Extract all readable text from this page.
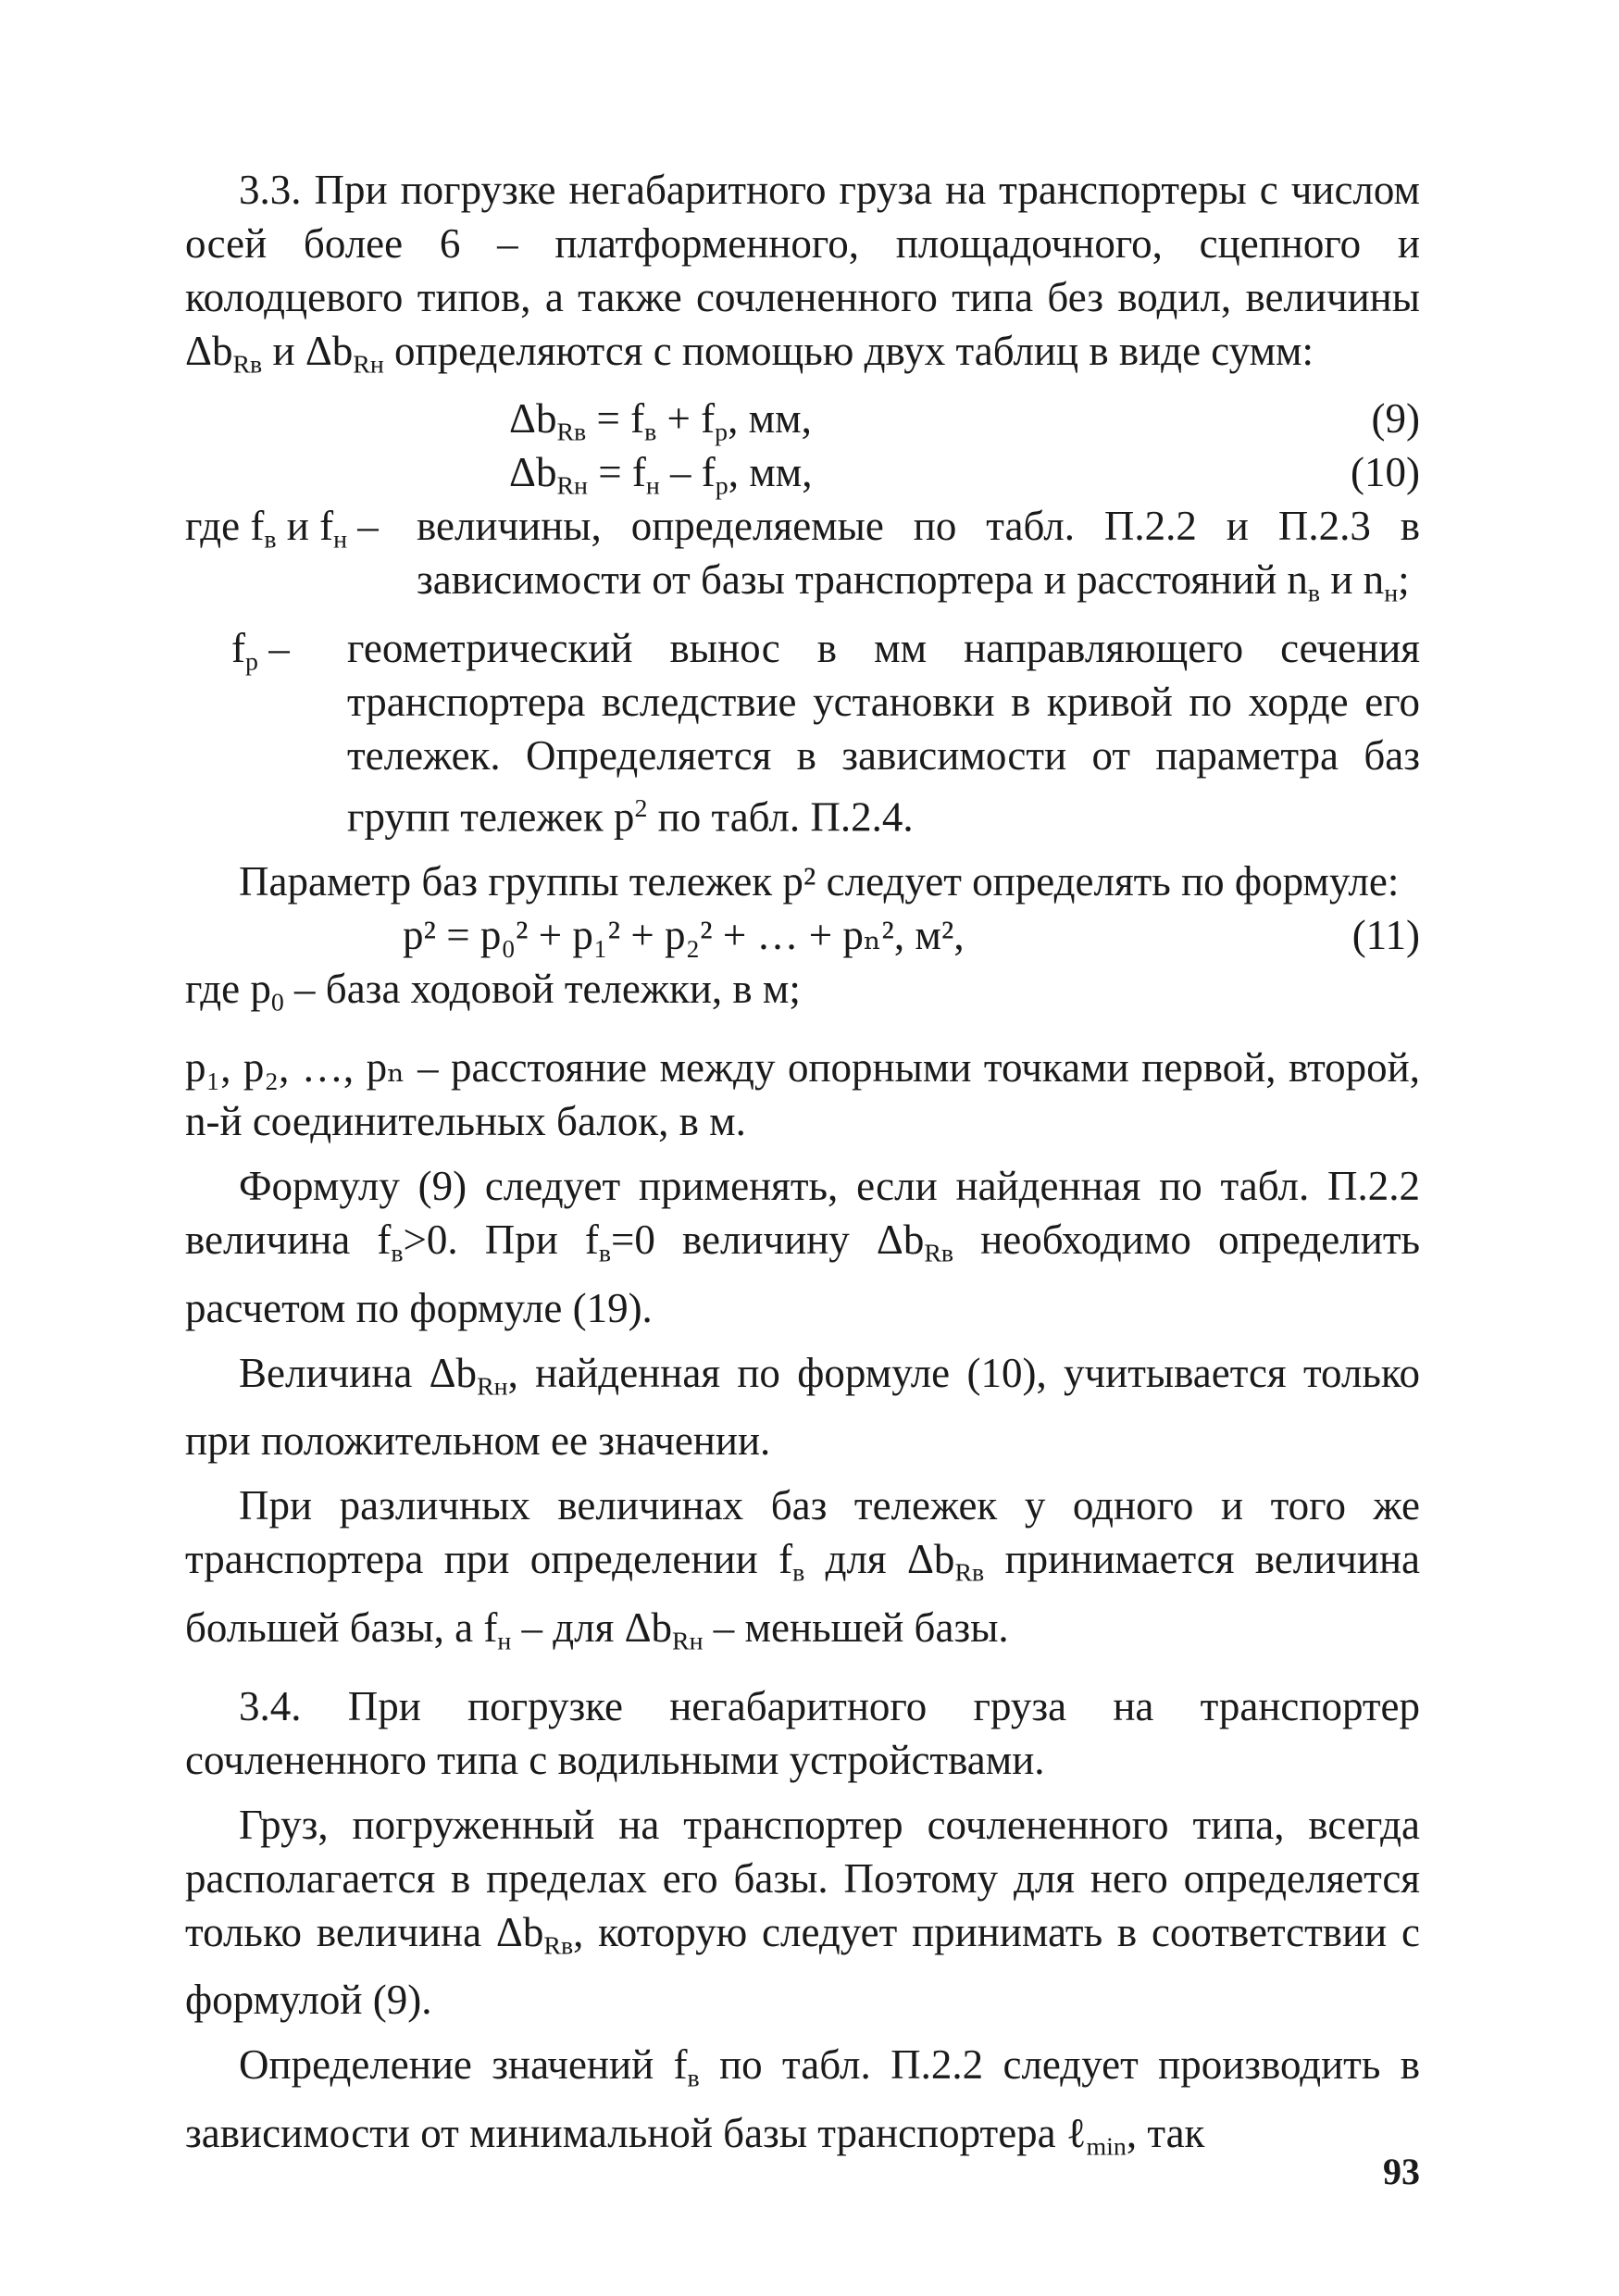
3.3. При погрузке негабаритного груза на транспортеры с числом осей более 6 – платформенного, площадочного, сцепного и колодцевого типов, а также сочлененного типа без водил, величины $\Delta b_{Rв}$ и $\Delta b_{Rн}$ определяются с помощью двух таблиц в виде сумм:

$\Delta b_{Rв} = f_в + f_р$, мм,	(9)
$\Delta b_{Rн} = f_н - f_р$, мм,	(10)
где $f_в$ и $f_н$ – величины, определяемые по табл. П.2.2 и П.2.3 в зависимости от базы транспортера и расстояний $n_в$ и $n_н$;
$f_р$ –	геометрический вынос в мм направляющего сечения транспортера вследствие установки в кривой по хорде его тележек. Определяется в зависимости от параметра баз групп тележек $p^2$ по табл. П.2.4.

Параметр баз группы тележек p² следует определять по формуле:

p² = p₀² + p₁² + p₂² + … + pₙ², м²,	(11)

где $p_0$ – база ходовой тележки, в м;

p₁, p₂, …, pₙ – расстояние между опорными точками первой, второй, n-й соединительных балок, в м.

Формулу (9) следует применять, если найденная по табл. П.2.2 величина $f_в>0$. При $f_в=0$ величину $\Delta b_{Rв}$ необходимо определить расчетом по формуле (19).

Величина $\Delta b_{Rн}$, найденная по формуле (10), учитывается только при положительном ее значении.

При различных величинах баз тележек у одного и того же транспортера при определении $f_в$ для $\Delta b_{Rв}$ принимается величина большей базы, а $f_н$ – для $\Delta b_{Rн}$ – меньшей базы.

3.4. При погрузке негабаритного груза на транспортер сочлененного типа с водильными устройствами.

Груз, погруженный на транспортер сочлененного типа, всегда располагается в пределах его базы. Поэтому для него определяется только величина $\Delta b_{Rв}$, которую следует принимать в соответствии с формулой (9).

Определение значений $f_в$ по табл. П.2.2 следует производить в зависимости от минимальной базы транспортера ℓ$_{min}$, так

93
